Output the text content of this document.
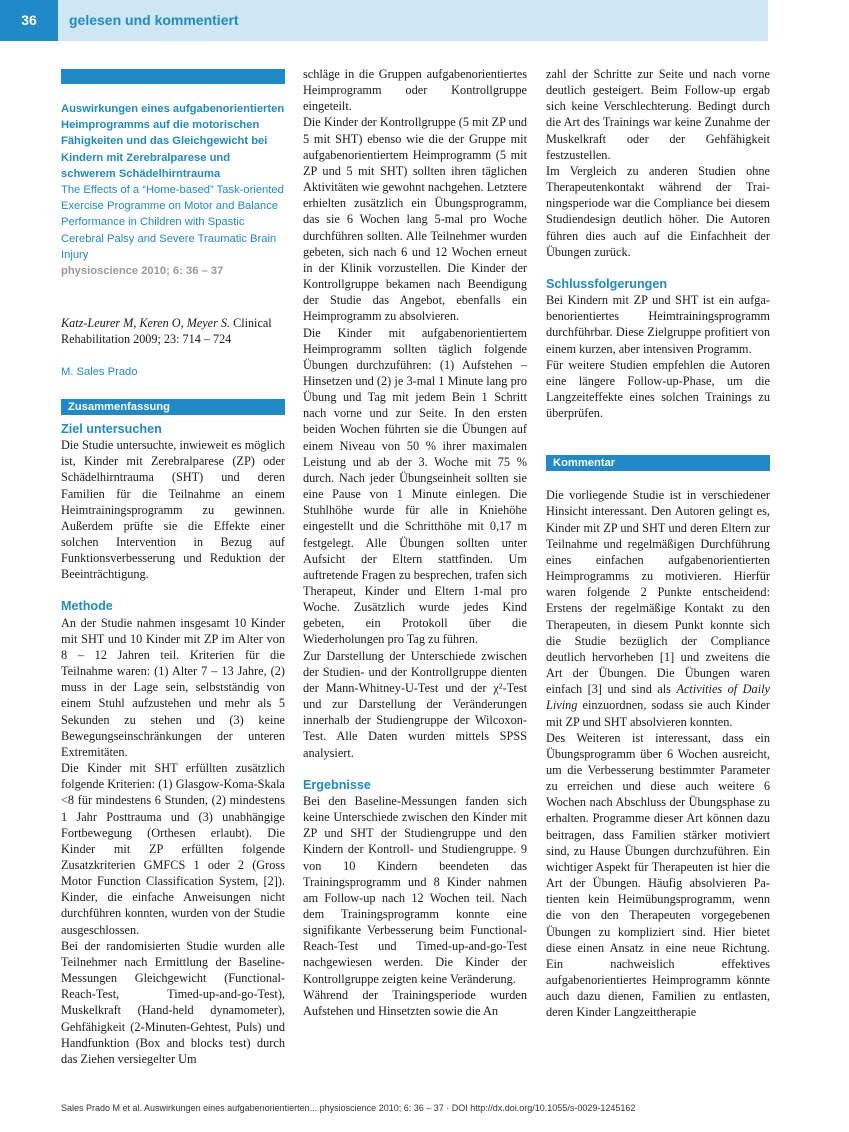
36	gelesen und kommentiert
Auswirkungen eines aufgabenorientierten Heimprogramms auf die motorischen Fähigkeiten und das Gleichgewicht bei Kindern mit Zerebralparese und schwerem Schädelhirntrauma
The Effects of a “Home-based” Task-oriented Exercise Programme on Motor and Balance Performance in Children with Spastic Cerebral Palsy and Severe Traumatic Brain Injury
physioscience 2010; 6: 36 – 37
Katz-Leurer M, Keren O, Meyer S. Clinical Rehabilitation 2009; 23: 714 – 724
M. Sales Prado
Zusammenfassung
Ziel untersuchen

Die Studie untersuchte, inwieweit es möglich ist, Kinder mit Zerebralparese (ZP) oder Schädelhirntrauma (SHT) und deren Familien für die Teilnahme an einem Heimtrainingsprogramm zu gewinnen. Außerdem prüfte sie die Effekte einer solchen Intervention in Bezug auf Funktionsverbesserung und Reduktion der Beeinträchtigung.

Methode

An der Studie nahmen insgesamt 10 Kinder mit SHT und 10 Kinder mit ZP im Alter von 8 – 12 Jahren teil. Kriterien für die Teilnahme waren: (1) Alter 7 – 13 Jahre, (2) muss in der Lage sein, selbstständig von einem Stuhl aufzustehen und mehr als 5 Sekunden zu stehen und (3) keine Bewegungseinschränkungen der unteren Extremitäten.

Die Kinder mit SHT erfüllten zusätzlich folgende Kriterien: (1) Glasgow-Koma-Skala <8 für mindestens 6 Stunden, (2) mindestens 1 Jahr Posttrauma und (3) unabhängige Fortbewegung (Orthesen erlaubt). Die Kinder mit ZP erfüllten folgende Zusatzkriterien GMFCS 1 oder 2 (Gross Motor Function Classification System, [2]). Kinder, die einfache Anweisungen nicht durchführen konnten, wurden von der Studie ausgeschlossen.

Bei der randomisierten Studie wurden alle Teilnehmer nach Ermittlung der Baseline-Messungen Gleichgewicht (Functional-Reach-Test, Timed-up-and-go-Test), Muskelkraft (Hand-held dynamometer), Gehfähigkeit (2-Minuten-Gehtest, Puls) und Handfunktion (Box and blocks test) durch das Ziehen versiegelter Um

schläge in die Gruppen aufgabenorientiertes Heimprogramm oder Kontrollgruppe eingeteilt.

Die Kinder der Kontrollgruppe (5 mit ZP und 5 mit SHT) ebenso wie die der Gruppe mit aufgabenorientiertem Heimprogramm (5 mit ZP und 5 mit SHT) sollten ihren täglichen Aktivitäten wie gewohnt nachgehen. Letztere erhielten zusätzlich ein Übungsprogramm, das sie 6 Wochen lang 5-mal pro Woche durchführen sollten. Alle Teilnehmer wurden gebeten, sich nach 6 und 12 Wochen erneut in der Klinik vorzustellen. Die Kinder der Kontrollgruppe bekamen nach Beendigung der Studie das Angebot, ebenfalls ein Heimprogramm zu absolvieren.

Die Kinder mit aufgabenorientiertem Heimprogramm sollten täglich folgende Übungen durchzuführen: (1) Aufstehen – Hinsetzen und (2) je 3-mal 1 Minute lang pro Übung und Tag mit jedem Bein 1 Schritt nach vorne und zur Seite. In den ersten beiden Wochen führten sie die Übungen auf einem Niveau von 50 % ihrer maximalen Leistung und ab der 3. Woche mit 75 % durch. Nach jeder Übungseinheit sollten sie eine Pause von 1 Minute einlegen. Die Stuhlhöhe wurde für alle in Kniehöhe eingestellt und die Schritthöhe mit 0,17 m festgelegt. Alle Übungen sollten unter Aufsicht der Eltern stattfinden. Um auftretende Fragen zu besprechen, trafen sich Therapeut, Kinder und Eltern 1-mal pro Woche. Zusätzlich wurde jedes Kind gebeten, ein Protokoll über die Wiederholungen pro Tag zu führen.

Zur Darstellung der Unterschiede zwischen der Studien- und der Kontrollgruppe dienten der Mann-Whitney-U-Test und der χ²-Test und zur Darstellung der Veränderungen innerhalb der Studiengruppe der Wilcoxon-Test. Alle Daten wurden mittels SPSS analysiert.

Ergebnisse

Bei den Baseline-Messungen fanden sich keine Unterschiede zwischen den Kinder mit ZP und SHT der Studiengruppe und den Kindern der Kontroll- und Studiengruppe. 9 von 10 Kindern beendeten das Trainingsprogramm und 8 Kinder nahmen am Follow-up nach 12 Wochen teil. Nach dem Trainingsprogramm konnte eine signifikante Verbesserung beim Functional-Reach-Test und Timed-up-and-go-Test nachgewiesen werden. Die Kinder der Kontrollgruppe zeigten keine Veränderung.

Während der Trainingsperiode wurden Aufstehen und Hinsetzten sowie die An

zahl der Schritte zur Seite und nach vorne deutlich gesteigert. Beim Follow-up ergab sich keine Verschlechterung. Bedingt durch die Art des Trainings war keine Zunahme der Muskelkraft oder der Gehfähigkeit festzustellen.

Im Vergleich zu anderen Studien ohne Therapeutenkontakt während der Trainingsperiode war die Compliance bei diesem Studiendesign deutlich höher. Die Autoren führen dies auch auf die Einfachheit der Übungen zurück.

Schlussfolgerungen

Bei Kindern mit ZP und SHT ist ein aufgabenorientiertes Heimtrainingsprogramm durchführbar. Diese Zielgruppe profitiert von einem kurzen, aber intensiven Programm.

Für weitere Studien empfehlen die Autoren eine längere Follow-up-Phase, um die Langzeiteffekte eines solchen Trainings zu überprüfen.

Kommentar

Die vorliegende Studie ist in verschiedener Hinsicht interessant. Den Autoren gelingt es, Kinder mit ZP und SHT und deren Eltern zur Teilnahme und regelmäßigen Durchführung eines einfachen aufgabenorientierten Heimprogramms zu motivieren. Hierfür waren folgende 2 Punkte entscheidend: Erstens der regelmäßige Kontakt zu den Therapeuten, in diesem Punkt konnte sich die Studie bezüglich der Compliance deutlich hervorheben [1] und zweitens die Art der Übungen. Die Übungen waren einfach [3] und sind als Activities of Daily Living einzuordnen, sodass sie auch Kinder mit ZP und SHT absolvieren konnten.

Des Weiteren ist interessant, dass ein Übungsprogramm über 6 Wochen ausreicht, um die Verbesserung bestimmter Parameter zu erreichen und diese auch weitere 6 Wochen nach Abschluss der Übungsphase zu erhalten. Programme dieser Art können dazu beitragen, dass Familien stärker motiviert sind, zu Hause Übungen durchzuführen. Ein wichtiger Aspekt für Therapeuten ist hier die Art der Übungen. Häufig absolvieren Patienten kein Heimübungsprogramm, wenn die von den Therapeuten vorgegebenen Übungen zu kompliziert sind. Hier bietet diese einen Ansatz in eine neue Richtung. Ein nachweislich effektives aufgabenorientiertes Heimprogramm könnte auch dazu dienen, Familien zu entlasten, deren Kinder Langzeittherapie

Sales Prado M et al. Auswirkungen eines aufgabenorientierten... physioscience 2010; 6: 36 – 37 · DOI http://dx.doi.org/10.1055/s-0029-1245162
